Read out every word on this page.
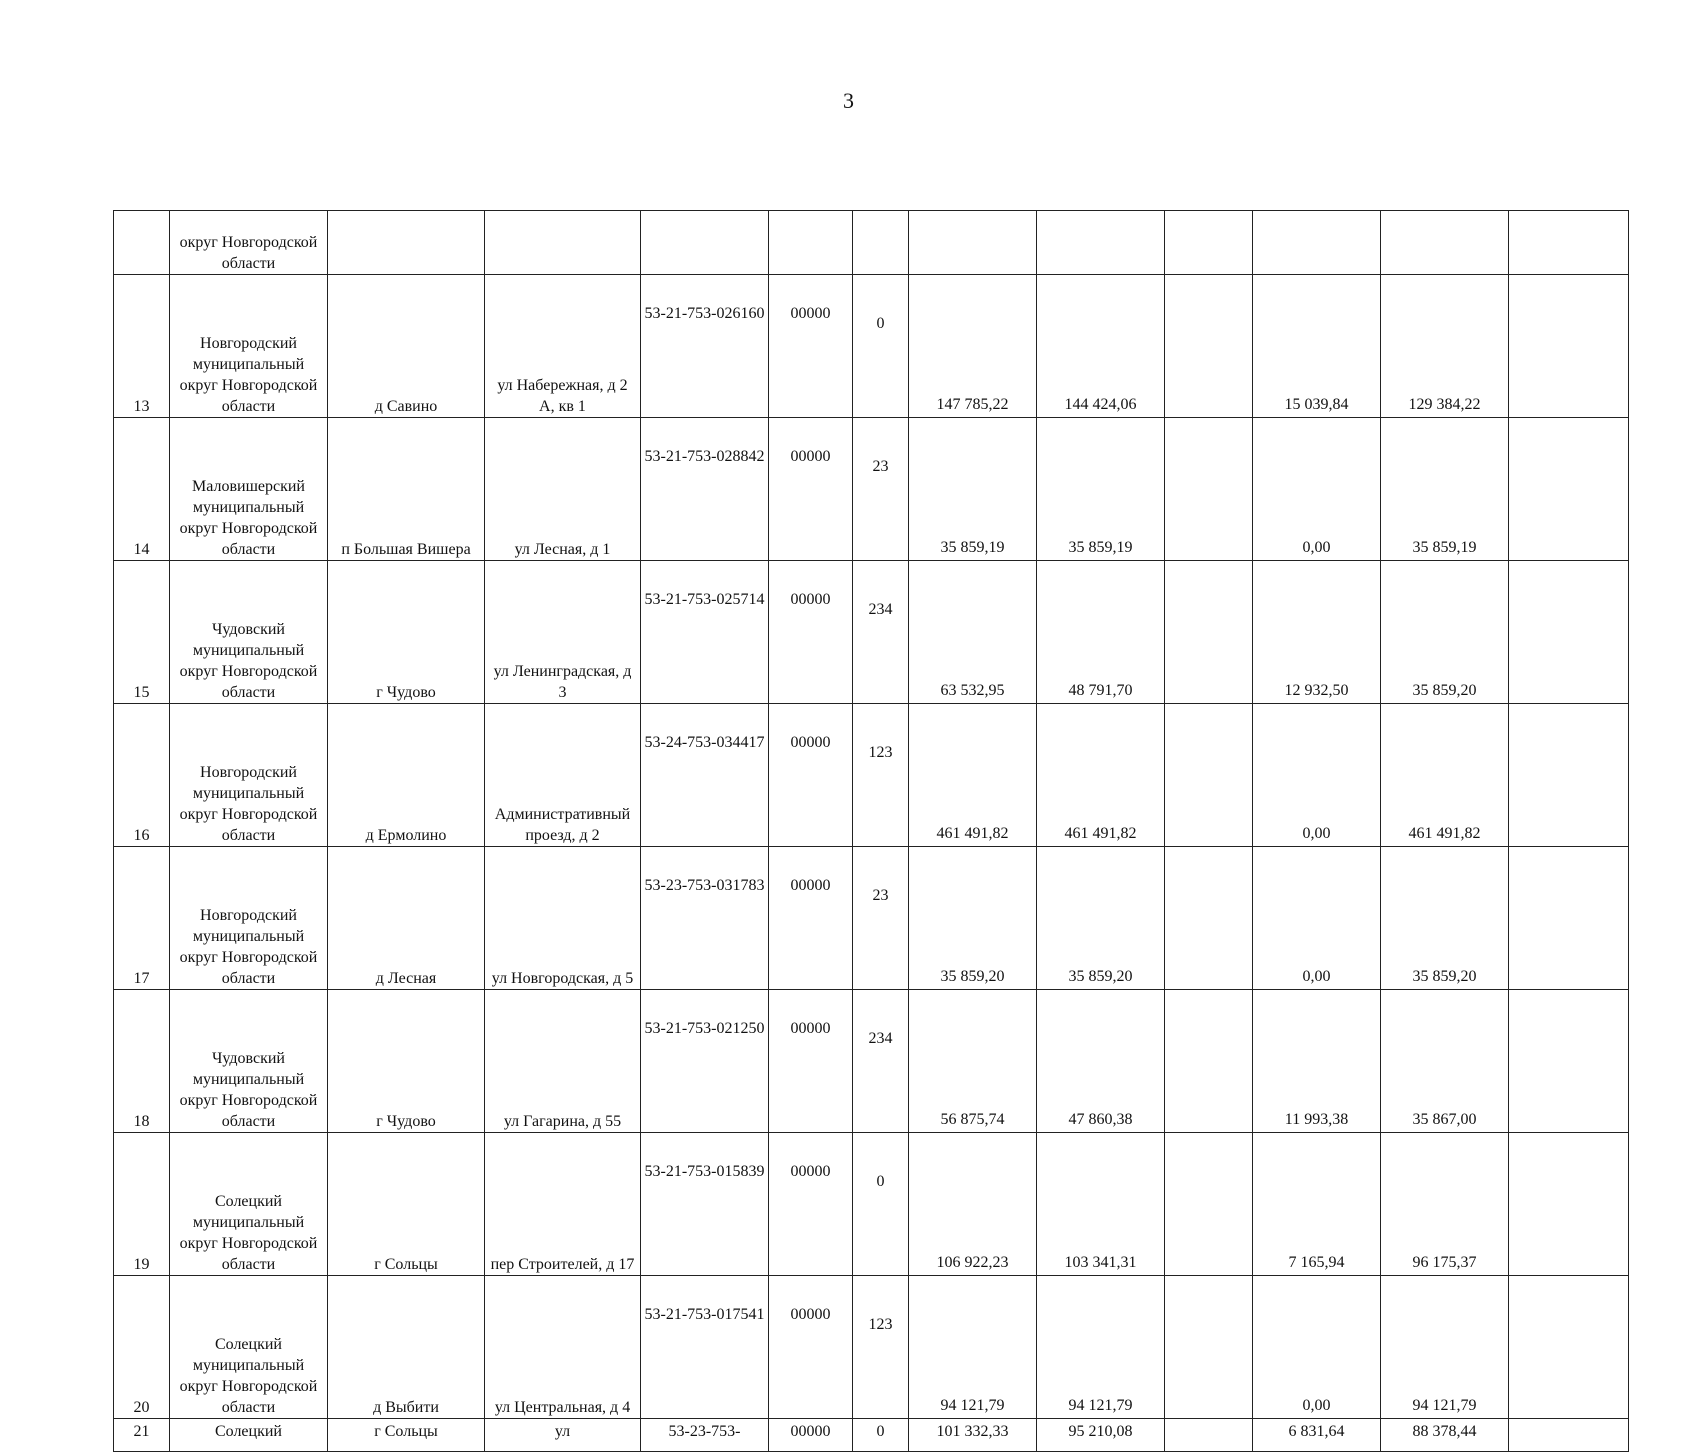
3
	округ Новгородской области											
13	Новгородский муниципальный округ Новгородской области	д Савино	ул Набережная, д 2 А, кв 1	53-21-753-026160	00000	0	147 785,22	144 424,06		15 039,84	129 384,22	
14	Маловишерский муниципальный округ Новгородской области	п Большая Вишера	ул Лесная, д 1	53-21-753-028842	00000	23	35 859,19	35 859,19		0,00	35 859,19	
15	Чудовский муниципальный округ Новгородской области	г Чудово	ул Ленинградская, д 3	53-21-753-025714	00000	234	63 532,95	48 791,70		12 932,50	35 859,20	
16	Новгородский муниципальный округ Новгородской области	д Ермолино	Административный проезд, д 2	53-24-753-034417	00000	123	461 491,82	461 491,82		0,00	461 491,82	
17	Новгородский муниципальный округ Новгородской области	д Лесная	ул Новгородская, д 5	53-23-753-031783	00000	23	35 859,20	35 859,20		0,00	35 859,20	
18	Чудовский муниципальный округ Новгородской области	г Чудово	ул Гагарина, д 55	53-21-753-021250	00000	234	56 875,74	47 860,38		11 993,38	35 867,00	
19	Солецкий муниципальный округ Новгородской области	г Сольцы	пер Строителей, д 17	53-21-753-015839	00000	0	106 922,23	103 341,31		7 165,94	96 175,37	
20	Солецкий муниципальный округ Новгородской области	д Выбити	ул Центральная, д 4	53-21-753-017541	00000	123	94 121,79	94 121,79		0,00	94 121,79	
21	Солецкий	г Сольцы	ул	53-23-753-	00000	0	101 332,33	95 210,08		6 831,64	88 378,44	
